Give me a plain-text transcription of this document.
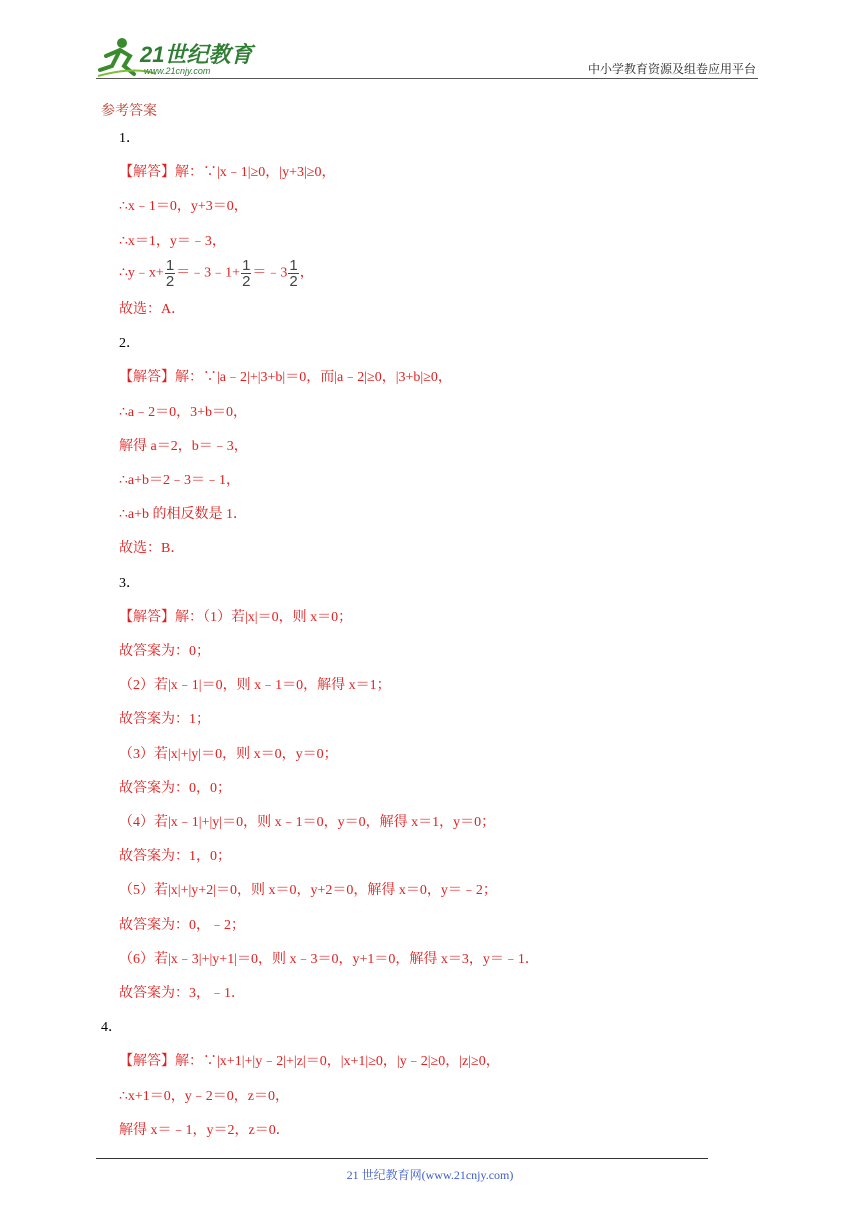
21世纪教育
www.21cnjy.com	中小学教育资源及组卷应用平台
参考答案
1．
【解答】解：∵|x﹣1|≥0，|y+3|≥0，
∴x﹣1＝0，y+3＝0，
∴x＝1，y＝﹣3，
∴y﹣x+ $\frac{1}{2}$ ＝﹣3﹣1+ $\frac{1}{2}$ ＝﹣3 $\frac{1}{2}$ ，
故选：A．
2．
【解答】解：∵|a﹣2|+|3+b|＝0，而|a﹣2|≥0，|3+b|≥0，
∴a﹣2＝0，3+b＝0，
解得 a＝2，b＝﹣3，
∴a+b＝2﹣3＝﹣1，
∴a+b 的相反数是 1．
故选：B．
3．
【解答】解：（1）若|x|＝0，则 x＝0；
故答案为：0；
（2）若|x﹣1|＝0，则 x﹣1＝0，解得 x＝1；
故答案为：1；
（3）若|x|+|y|＝0，则 x＝0，y＝0；
故答案为：0，0；
（4）若|x﹣1|+|y|＝0，则 x﹣1＝0，y＝0，解得 x＝1，y＝0；
故答案为：1，0；
（5）若|x|+|y+2|＝0，则 x＝0，y+2＝0，解得 x＝0，y＝﹣2；
故答案为：0，﹣2；
（6）若|x﹣3|+|y+1|＝0，则 x﹣3＝0，y+1＝0，解得 x＝3，y＝﹣1．
故答案为：3，﹣1．
4．
【解答】解：∵|x+1|+|y﹣2|+|z|＝0，|x+1|≥0，|y﹣2|≥0，|z|≥0，
∴x+1＝0，y﹣2＝0，z＝0，
解得 x＝﹣1，y＝2，z＝0．
21 世纪教育网(www.21cnjy.com)
